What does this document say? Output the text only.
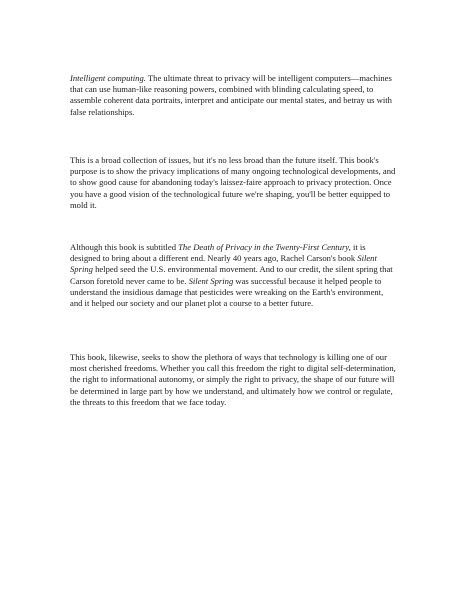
Intelligent computing. The ultimate threat to privacy will be intelligent computers—machines that can use human-like reasoning powers, combined with blinding calculating speed, to assemble coherent data portraits, interpret and anticipate our mental states, and betray us with false relationships.

This is a broad collection of issues, but it's no less broad than the future itself. This book's purpose is to show the privacy implications of many ongoing technological developments, and to show good cause for abandoning today's laissez-faire approach to privacy protection. Once you have a good vision of the technological future we're shaping, you'll be better equipped to mold it.

Although this book is subtitled The Death of Privacy in the Twenty-First Century, it is designed to bring about a different end. Nearly 40 years ago, Rachel Carson's book Silent Spring helped seed the U.S. environmental movement. And to our credit, the silent spring that Carson foretold never came to be. Silent Spring was successful because it helped people to understand the insidious damage that pesticides were wreaking on the Earth's environment, and it helped our society and our planet plot a course to a better future.

This book, likewise, seeks to show the plethora of ways that technology is killing one of our most cherished freedoms. Whether you call this freedom the right to digital self-determination, the right to informational autonomy, or simply the right to privacy, the shape of our future will be determined in large part by how we understand, and ultimately how we control or regulate, the threats to this freedom that we face today.
